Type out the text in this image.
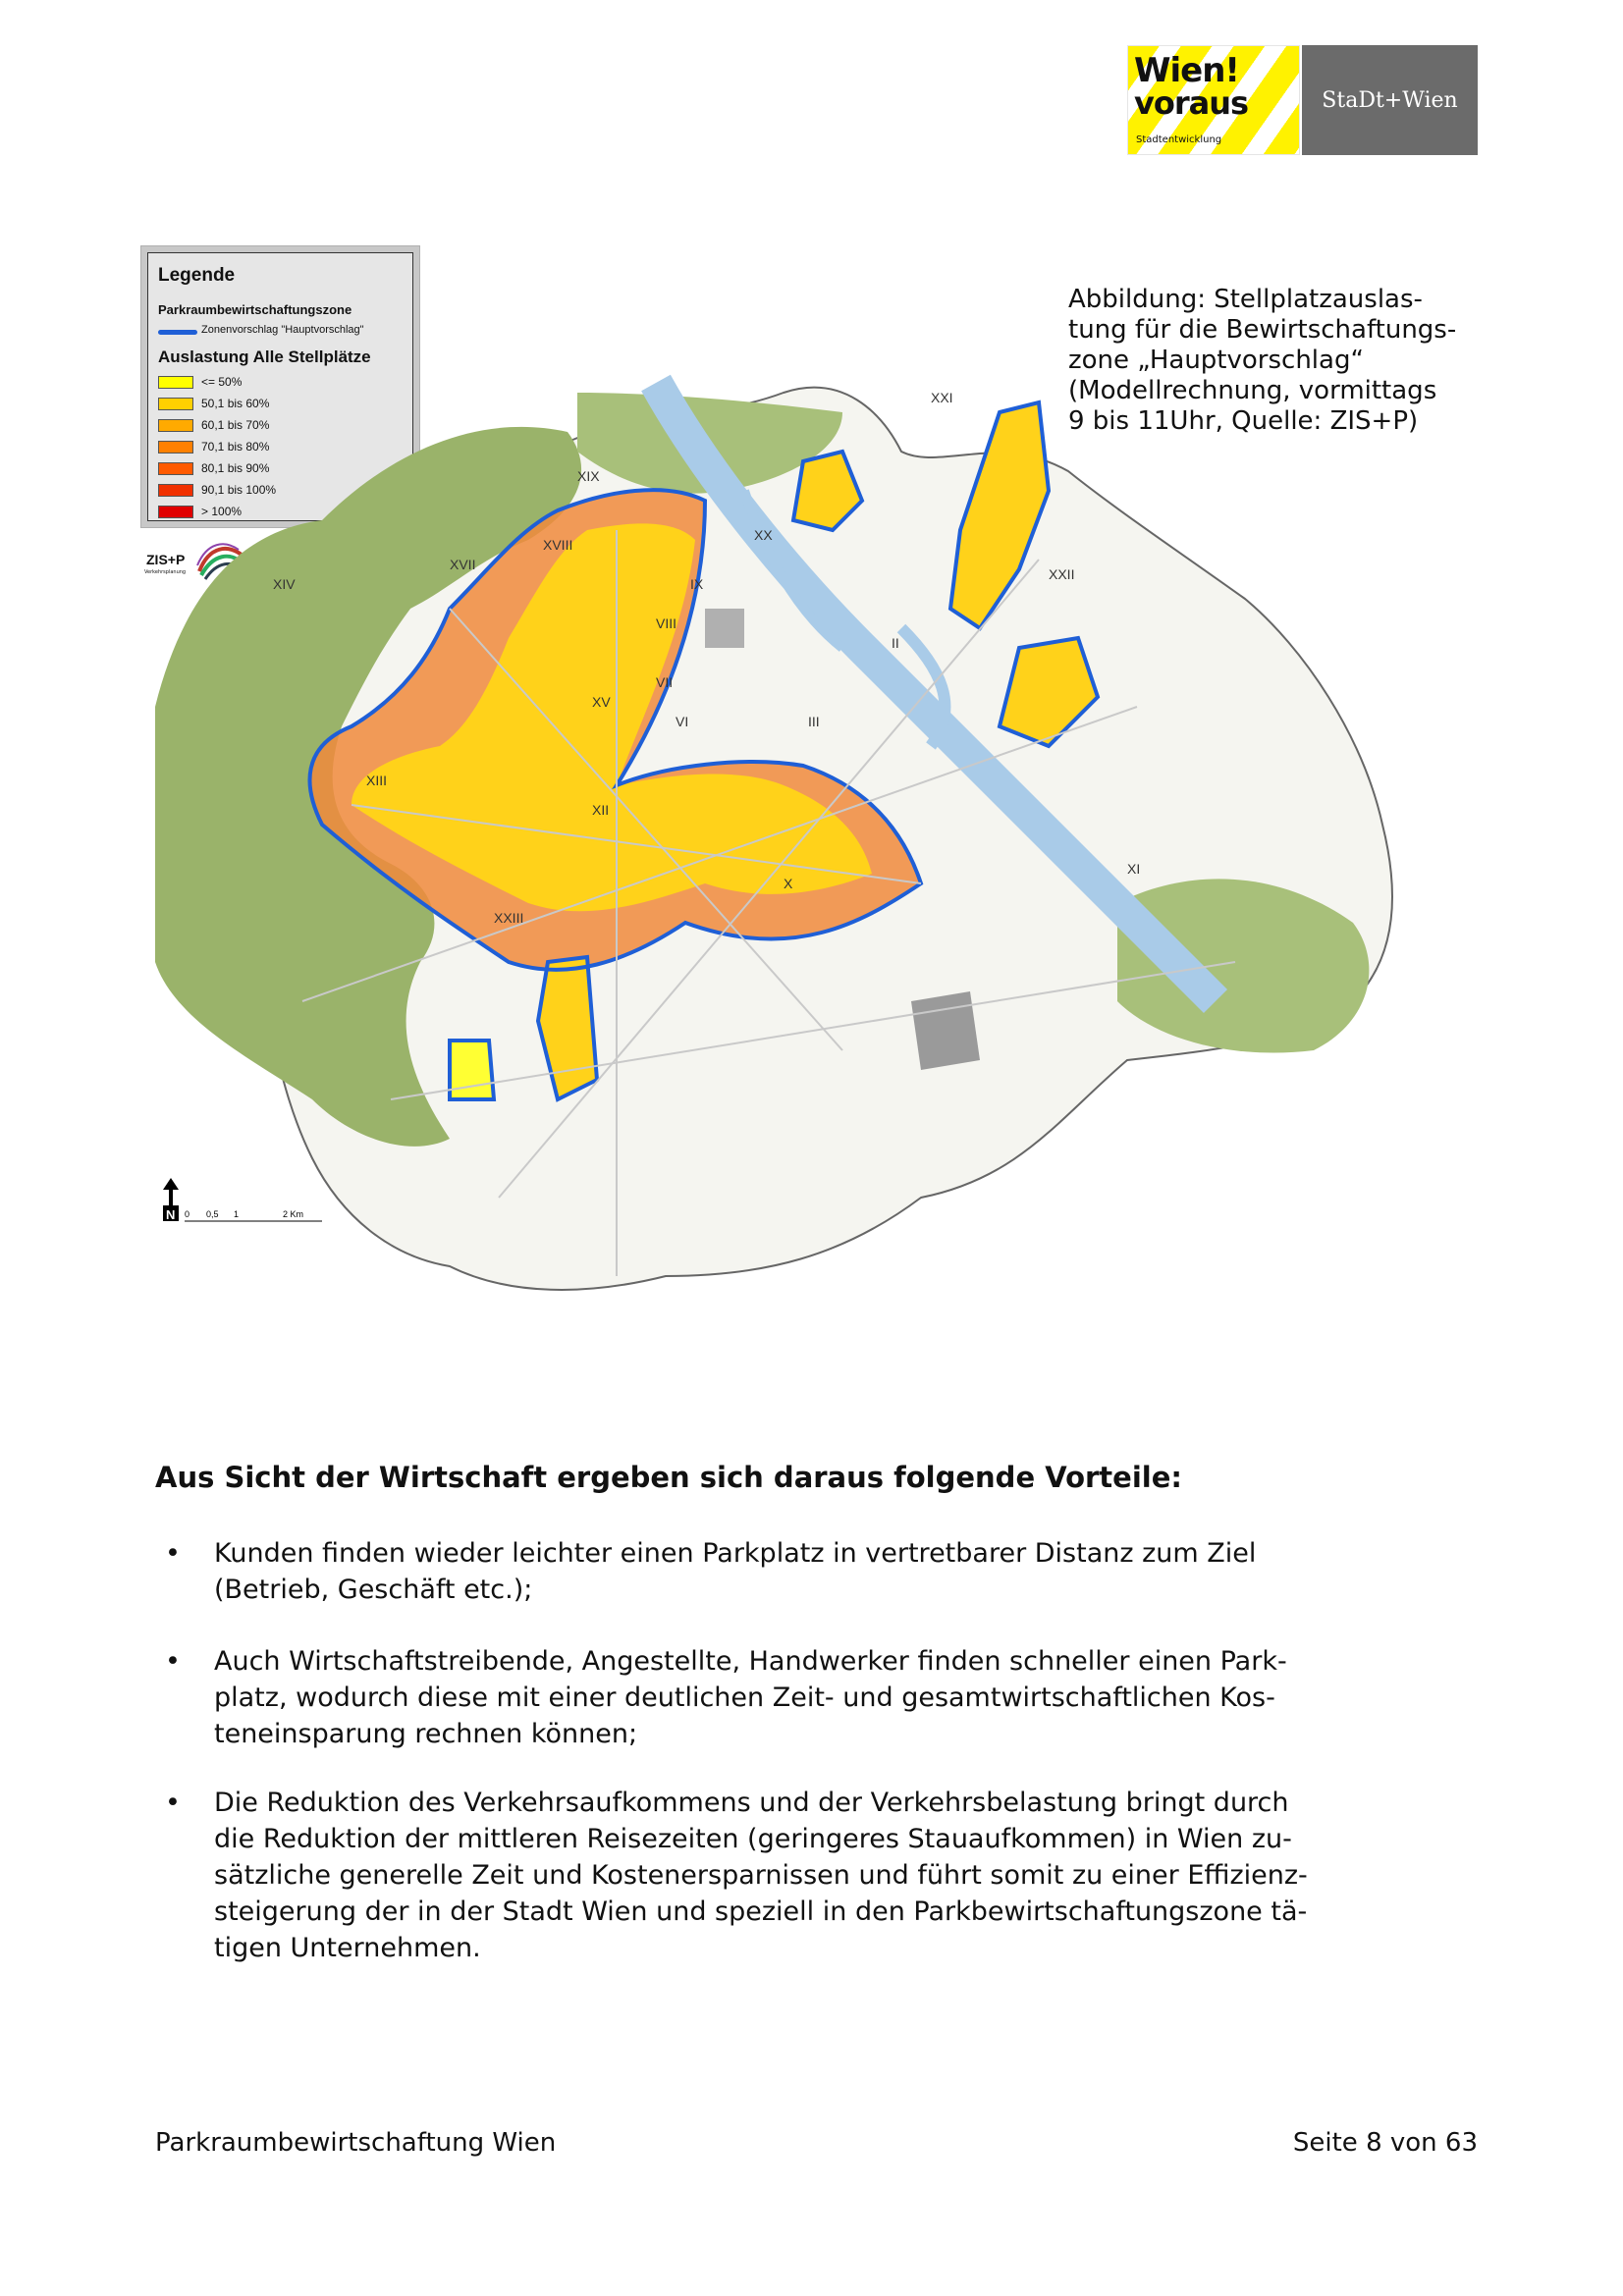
Wien!
voraus
Stadtentwicklung
StaDt+Wien
Legende
Parkraumbewirtschaftungszone
Zonenvorschlag "Hauptvorschlag"
Auslastung Alle Stellplätze
<= 50%
50,1 bis 60%
60,1 bis 70%
70,1 bis 80%
80,1 bis 90%
90,1 bis 100%
> 100%
ZIS+P
Verkehrsplanung
Abbildung: Stellplatzauslas-
tung für die Bewirtschaftungs-
zone „Hauptvorschlag“
(Modellrechnung, vormittags
9 bis 11Uhr, Quelle: ZIS+P)
XXI
XIX
XX
XVIII
XVII
IX
XXII
XIV
VIII
II
VII
XV
VI	III
XIII
XII
XI
X
XXIII
N 0 0,5 1	2 Km
Aus Sicht der Wirtschaft ergeben sich daraus folgende Vorteile:
• Kunden finden wieder leichter einen Parkplatz in vertretbarer Distanz zum Ziel
(Betrieb, Geschäft etc.);
• Auch Wirtschaftstreibende, Angestellte, Handwerker finden schneller einen Park-
platz, wodurch diese mit einer deutlichen Zeit- und gesamtwirtschaftlichen Kos-
teneinsparung rechnen können;
• Die Reduktion des Verkehrsaufkommens und der Verkehrsbelastung bringt durch
die Reduktion der mittleren Reisezeiten (geringeres Stauaufkommen) in Wien zu-
sätzliche generelle Zeit und Kostenersparnissen und führt somit zu einer Effizienz-
steigerung der in der Stadt Wien und speziell in den Parkbewirtschaftungszone tä-
tigen Unternehmen.
Parkraumbewirtschaftung Wien	Seite 8 von 63
